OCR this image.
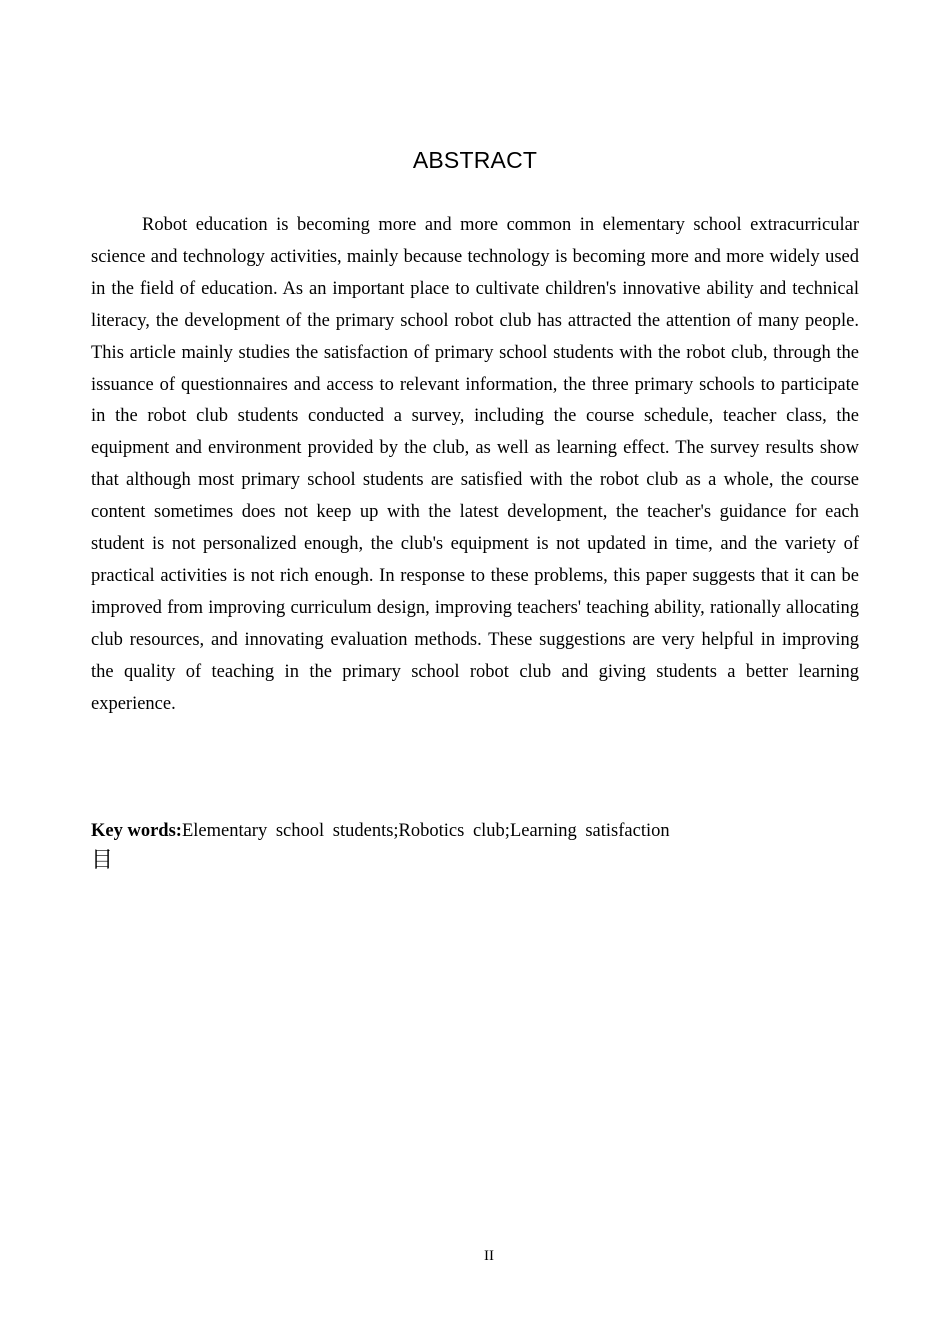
ABSTRACT

Robot education is becoming more and more common in elementary school extracurricular science and technology activities, mainly because technology is becoming more and more widely used in the field of education. As an important place to cultivate children's innovative ability and technical literacy, the development of the primary school robot club has attracted the attention of many people. This article mainly studies the satisfaction of primary school students with the robot club, through the issuance of questionnaires and access to relevant information, the three primary schools to participate in the robot club students conducted a survey, including the course schedule, teacher class, the equipment and environment provided by the club, as well as learning effect. The survey results show that although most primary school students are satisfied with the robot club as a whole, the course content sometimes does not keep up with the latest development, the teacher's guidance for each student is not personalized enough, the club's equipment is not updated in time, and the variety of practical activities is not rich enough. In response to these problems, this paper suggests that it can be improved from improving curriculum design, improving teachers' teaching ability, rationally allocating club resources, and innovating evaluation methods. These suggestions are very helpful in improving the quality of teaching in the primary school robot club and giving students a better learning experience.

Key words:Elementary school students;Robotics club;Learning satisfaction

目
II
